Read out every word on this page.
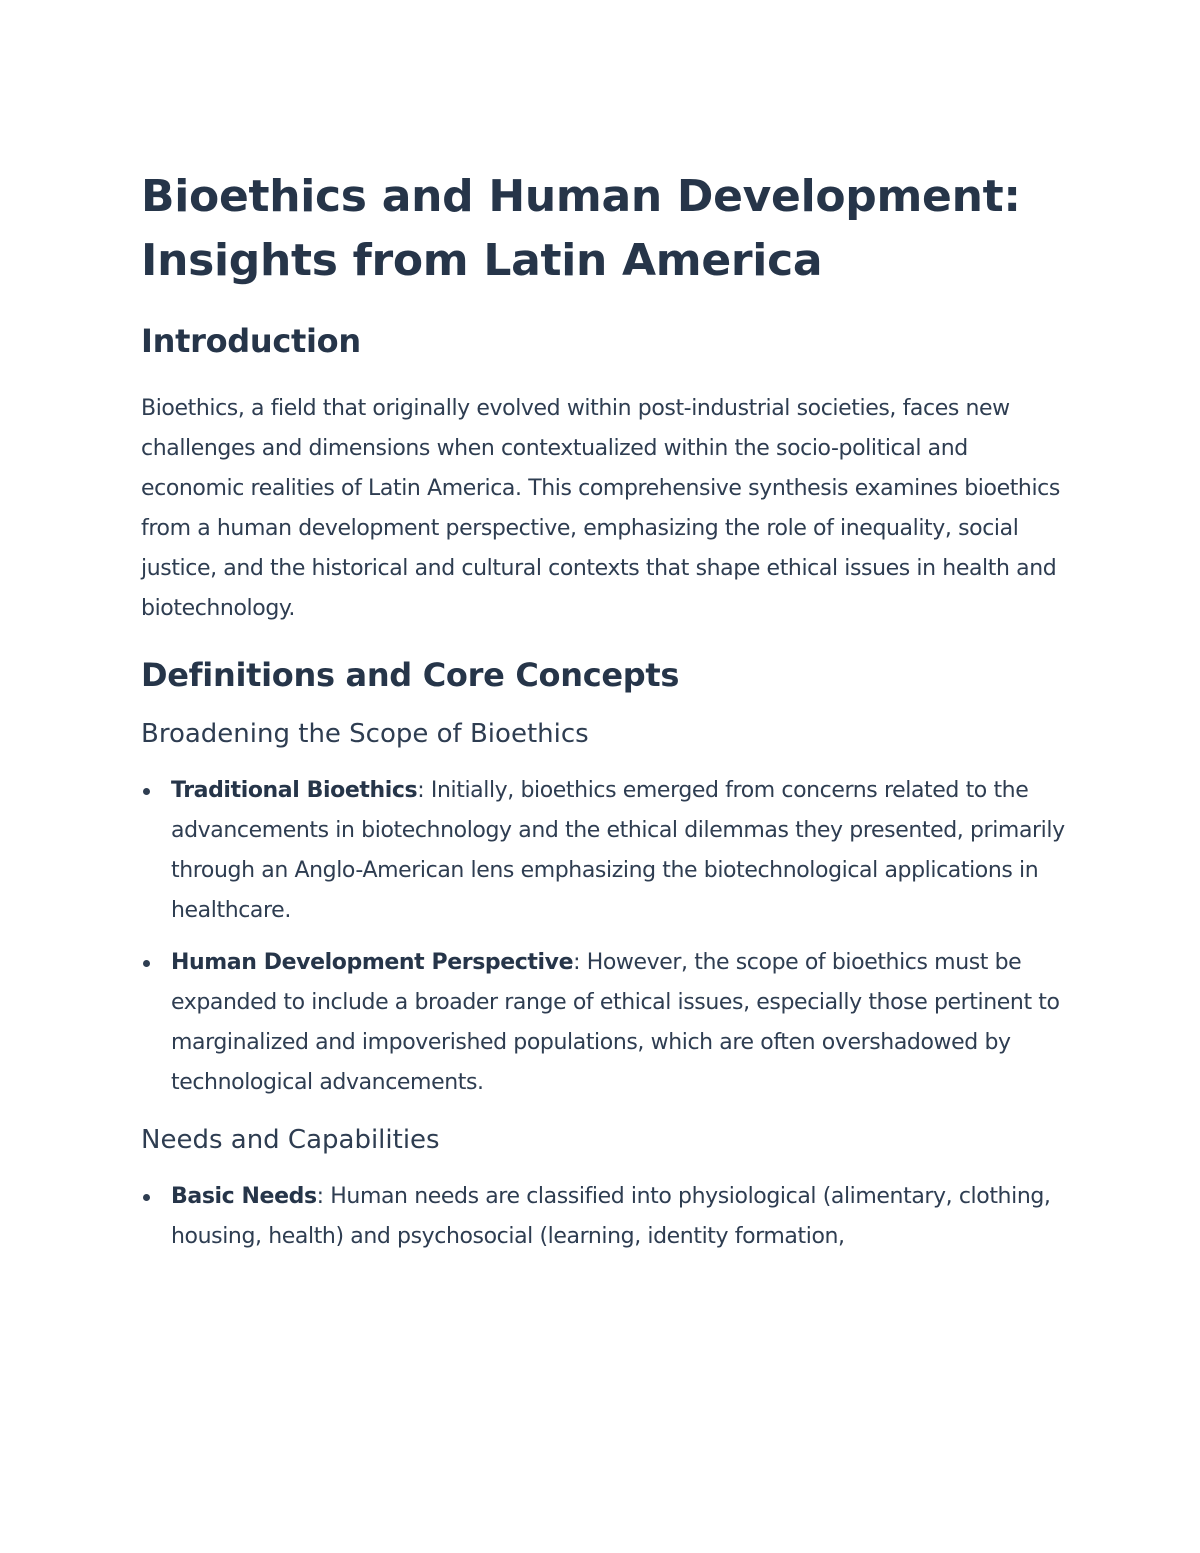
Bioethics and Human Development:
Insights from Latin America
Introduction

Bioethics, a field that originally evolved within post-industrial societies, faces new challenges and dimensions when contextualized within the socio-political and economic realities of Latin America. This comprehensive synthesis examines bioethics from a human development perspective, emphasizing the role of inequality, social justice, and the historical and cultural contexts that shape ethical issues in health and biotechnology.

Definitions and Core Concepts
Broadening the Scope of Bioethics
Traditional Bioethics: Initially, bioethics emerged from concerns related to the advancements in biotechnology and the ethical dilemmas they presented, primarily through an Anglo-American lens emphasizing the biotechnological applications in healthcare.
Human Development Perspective: However, the scope of bioethics must be expanded to include a broader range of ethical issues, especially those pertinent to marginalized and impoverished populations, which are often overshadowed by technological advancements.
Needs and Capabilities
Basic Needs: Human needs are classified into physiological (alimentary, clothing, housing, health) and psychosocial (learning, identity formation,
